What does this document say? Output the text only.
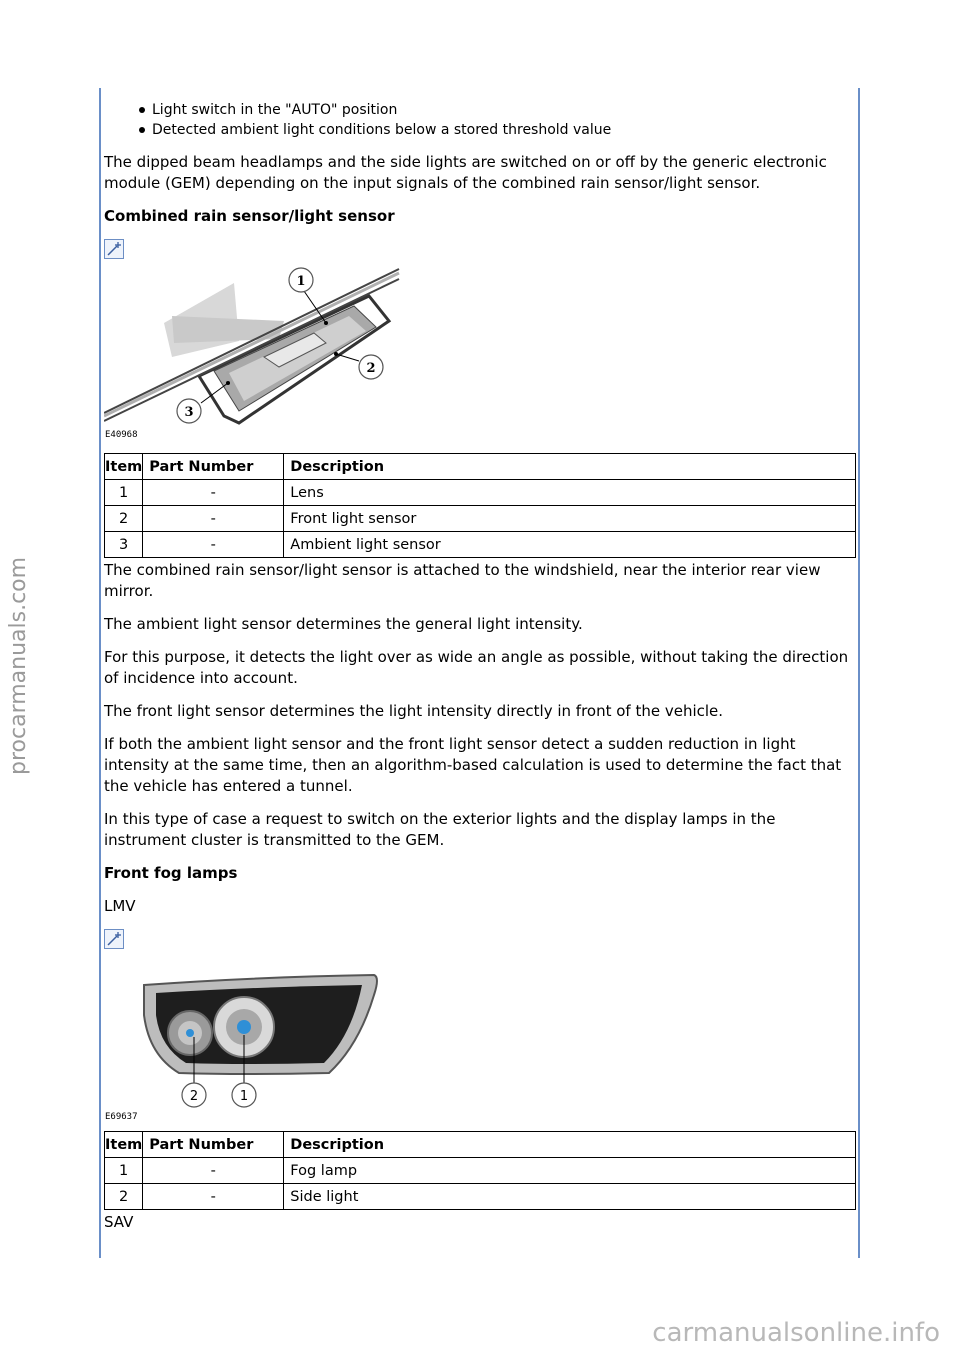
procarmanuals.com
carmanualsonline.info
Light switch in the "AUTO" position
Detected ambient light conditions below a stored threshold value

The dipped beam headlamps and the side lights are switched on or off by the generic electronic module (GEM) depending on the input signals of the combined rain sensor/light sensor.

Combined rain sensor/light sensor

1
2
3
E40968
Item	Part Number	Description
1	-	Lens
2	-	Front light sensor
3	-	Ambient light sensor

The combined rain sensor/light sensor is attached to the windshield, near the interior rear view mirror.

The ambient light sensor determines the general light intensity.

For this purpose, it detects the light over as wide an angle as possible, without taking the direction of incidence into account.

The front light sensor determines the light intensity directly in front of the vehicle.

If both the ambient light sensor and the front light sensor detect a sudden reduction in light intensity at the same time, then an algorithm-based calculation is used to determine the fact that the vehicle has entered a tunnel.

In this type of case a request to switch on the exterior lights and the display lamps in the instrument cluster is transmitted to the GEM.

Front fog lamps

LMV

2	1
E69637
Item	Part Number	Description
1	-	Fog lamp
2	-	Side light

SAV
